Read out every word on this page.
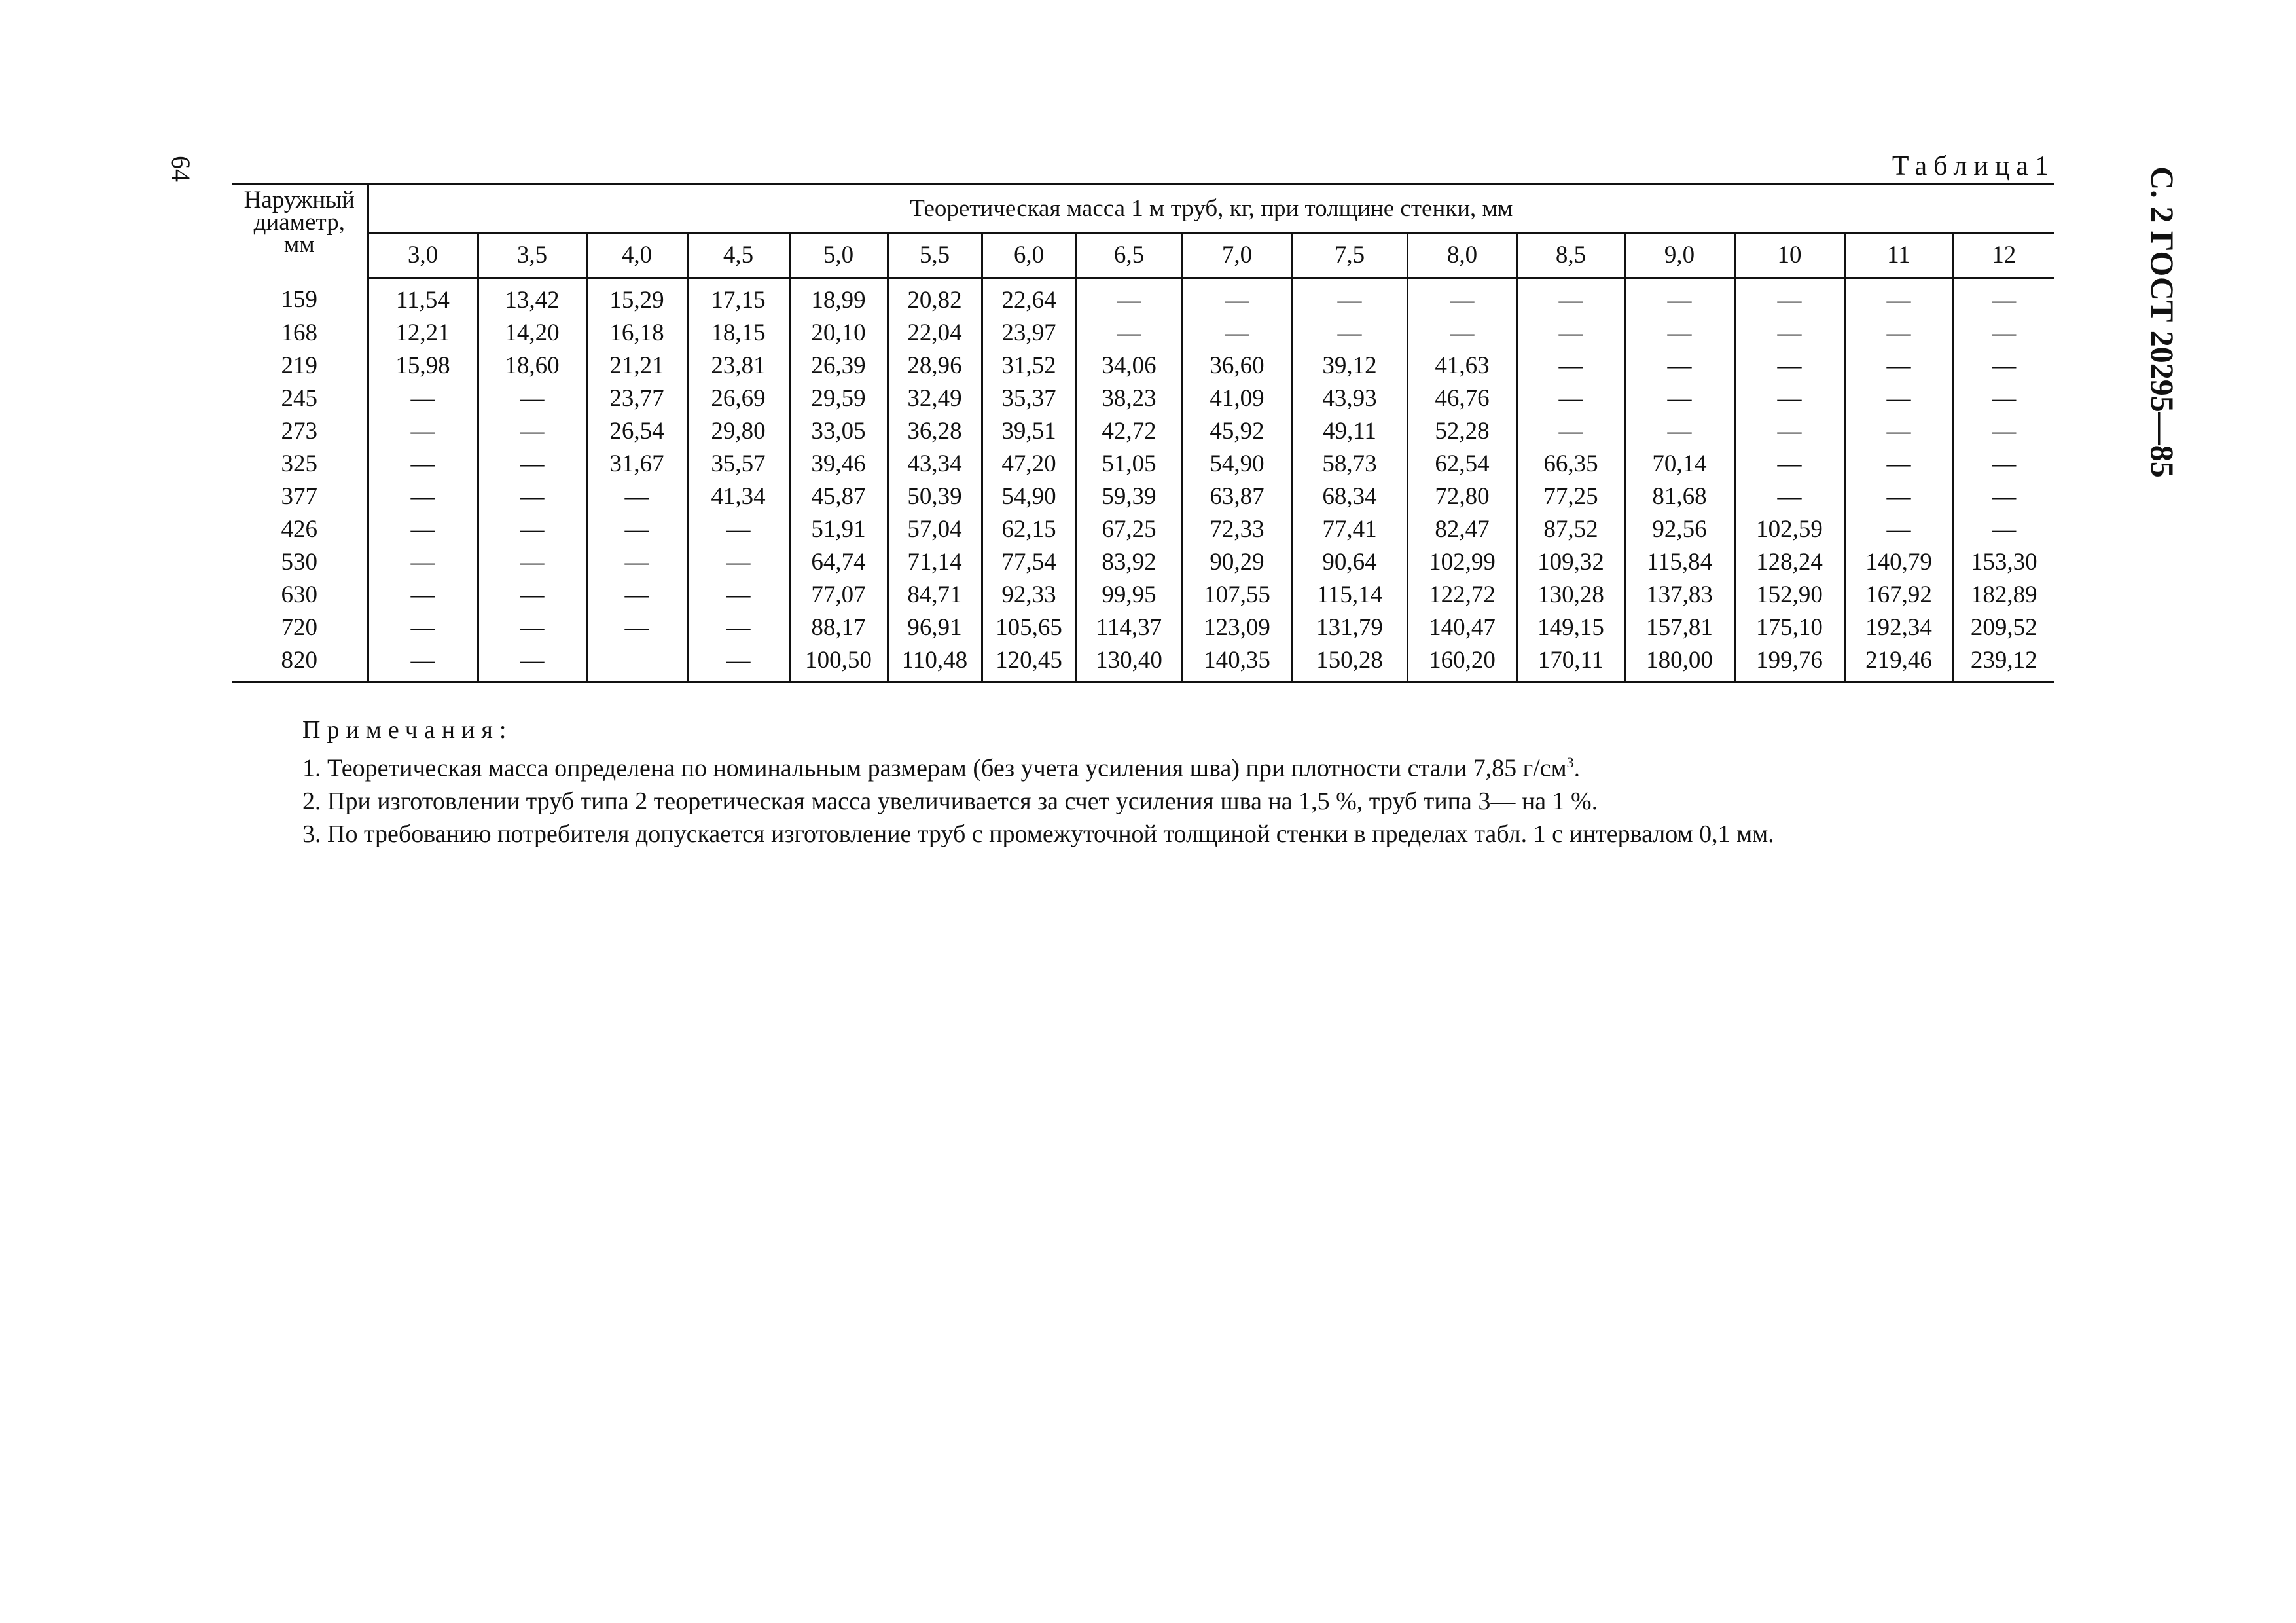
64	С. 2 ГОСТ 20295—85
Таблица1
Наружный
диаметр,
мм	Теоретическая масса 1 м труб, кг, при толщине стенки, мм															
	3,0	3,5	4,0	4,5	5,0	5,5	6,0	6,5	7,0	7,5	8,0	8,5	9,0	10	11	12
159	11,54	13,42	15,29	17,15	18,99	20,82	22,64	—	—	—	—	—	—	—	—	—
168	12,21	14,20	16,18	18,15	20,10	22,04	23,97	—	—	—	—	—	—	—	—	—
219	15,98	18,60	21,21	23,81	26,39	28,96	31,52	34,06	36,60	39,12	41,63	—	—	—	—	—
245	—	—	23,77	26,69	29,59	32,49	35,37	38,23	41,09	43,93	46,76	—	—	—	—	—
273	—	—	26,54	29,80	33,05	36,28	39,51	42,72	45,92	49,11	52,28	—	—	—	—	—
325	—	—	31,67	35,57	39,46	43,34	47,20	51,05	54,90	58,73	62,54	66,35	70,14	—	—	—
377	—	—	—	41,34	45,87	50,39	54,90	59,39	63,87	68,34	72,80	77,25	81,68	—	—	—
426	—	—	—	—	51,91	57,04	62,15	67,25	72,33	77,41	82,47	87,52	92,56	102,59	—	—
530	—	—	—	—	64,74	71,14	77,54	83,92	90,29	90,64	102,99	109,32	115,84	128,24	140,79	153,30
630	—	—	—	—	77,07	84,71	92,33	99,95	107,55	115,14	122,72	130,28	137,83	152,90	167,92	182,89
720	—	—	—	—	88,17	96,91	105,65	114,37	123,09	131,79	140,47	149,15	157,81	175,10	192,34	209,52
820	—	—		—	100,50	110,48	120,45	130,40	140,35	150,28	160,20	170,11	180,00	199,76	219,46	239,12
Примечания:
1. Теоретическая масса определена по номинальным размерам (без учета усиления шва) при плотности стали 7,85 $г/см^3$.
2. При изготовлении труб типа 2 теоретическая масса увеличивается за счет усиления шва на 1,5 %, труб типа 3— на 1 %.
3. По требованию потребителя допускается изготовление труб с промежуточной толщиной стенки в пределах табл. 1 с интервалом 0,1 мм.
